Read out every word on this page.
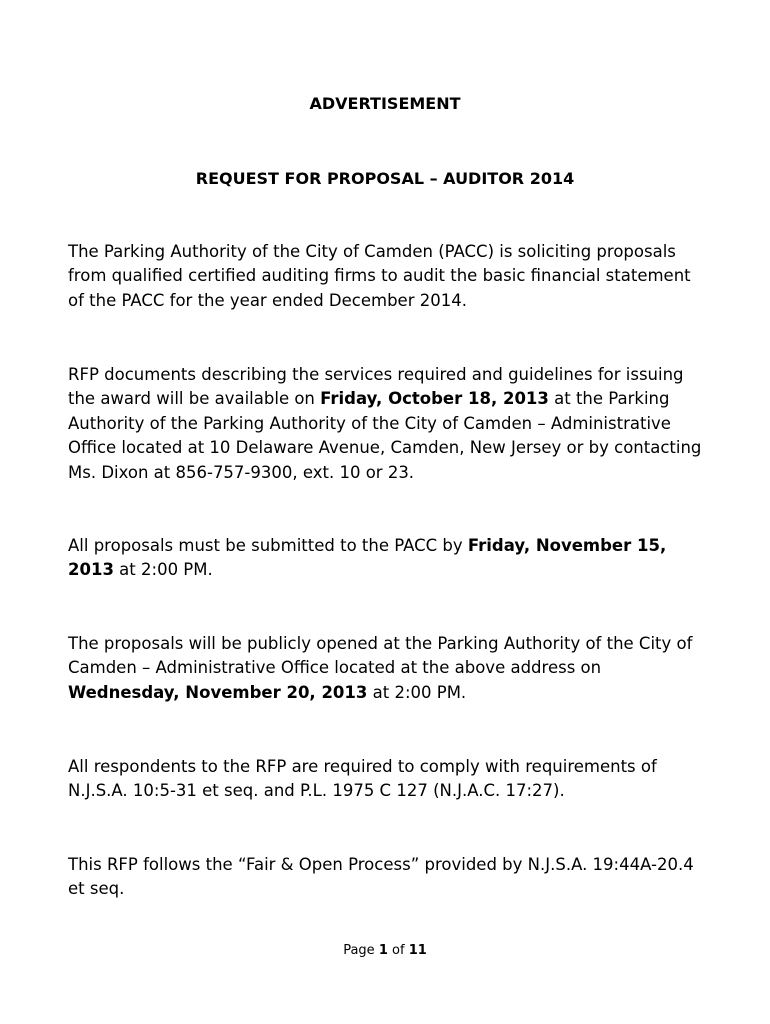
ADVERTISEMENT
REQUEST FOR PROPOSAL – AUDITOR 2014

The Parking Authority of the City of Camden (PACC) is soliciting proposals from qualified certified auditing firms to audit the basic financial statement of the PACC for the year ended December 2014.

RFP documents describing the services required and guidelines for issuing the award will be available on Friday, October 18, 2013 at the Parking Authority of the Parking Authority of the City of Camden – Administrative Office located at 10 Delaware Avenue, Camden, New Jersey or by contacting Ms. Dixon at 856-757-9300, ext. 10 or 23.

All proposals must be submitted to the PACC by Friday, November 15, 2013 at 2:00 PM.

The proposals will be publicly opened at the Parking Authority of the City of Camden – Administrative Office located at the above address on Wednesday, November 20, 2013 at 2:00 PM.

All respondents to the RFP are required to comply with requirements of N.J.S.A. 10:5-31 et seq. and P.L. 1975 C 127 (N.J.A.C. 17:27).

This RFP follows the “Fair & Open Process” provided by N.J.S.A. 19:44A-20.4 et seq.

Page 1 of 11
